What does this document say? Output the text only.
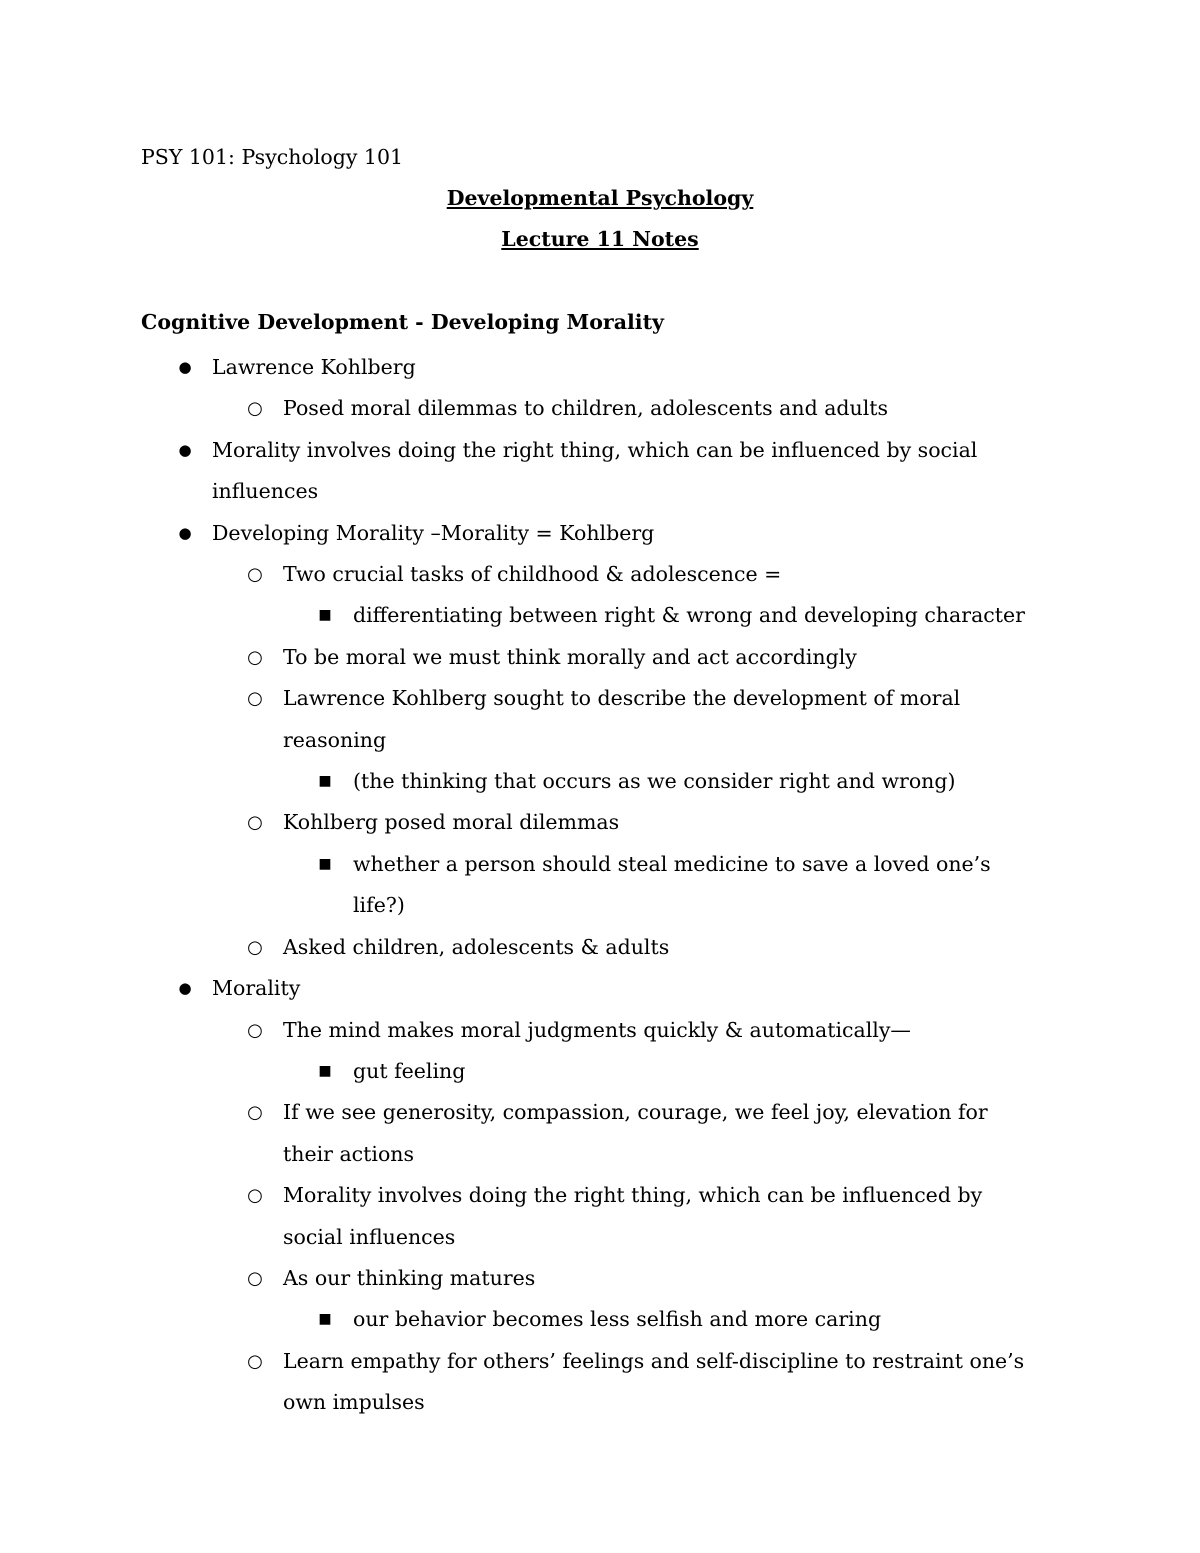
PSY 101: Psychology 101
Developmental Psychology
Lecture 11 Notes
Cognitive Development - Developing Morality
● Lawrence Kohlberg
○ Posed moral dilemmas to children, adolescents and adults
● Morality involves doing the right thing, which can be influenced by social influences
● Developing Morality –Morality = Kohlberg
○ Two crucial tasks of childhood & adolescence =
■ differentiating between right & wrong and developing character
○ To be moral we must think morally and act accordingly
○ Lawrence Kohlberg sought to describe the development of moral reasoning
■ (the thinking that occurs as we consider right and wrong)
○ Kohlberg posed moral dilemmas
■ whether a person should steal medicine to save a loved one’s life?)
○ Asked children, adolescents & adults
● Morality
○ The mind makes moral judgments quickly & automatically—
■ gut feeling
○ If we see generosity, compassion, courage, we feel joy, elevation for their actions
○ Morality involves doing the right thing, which can be influenced by social influences
○ As our thinking matures
■ our behavior becomes less selfish and more caring
○ Learn empathy for others’ feelings and self-discipline to restraint one’s own impulses
